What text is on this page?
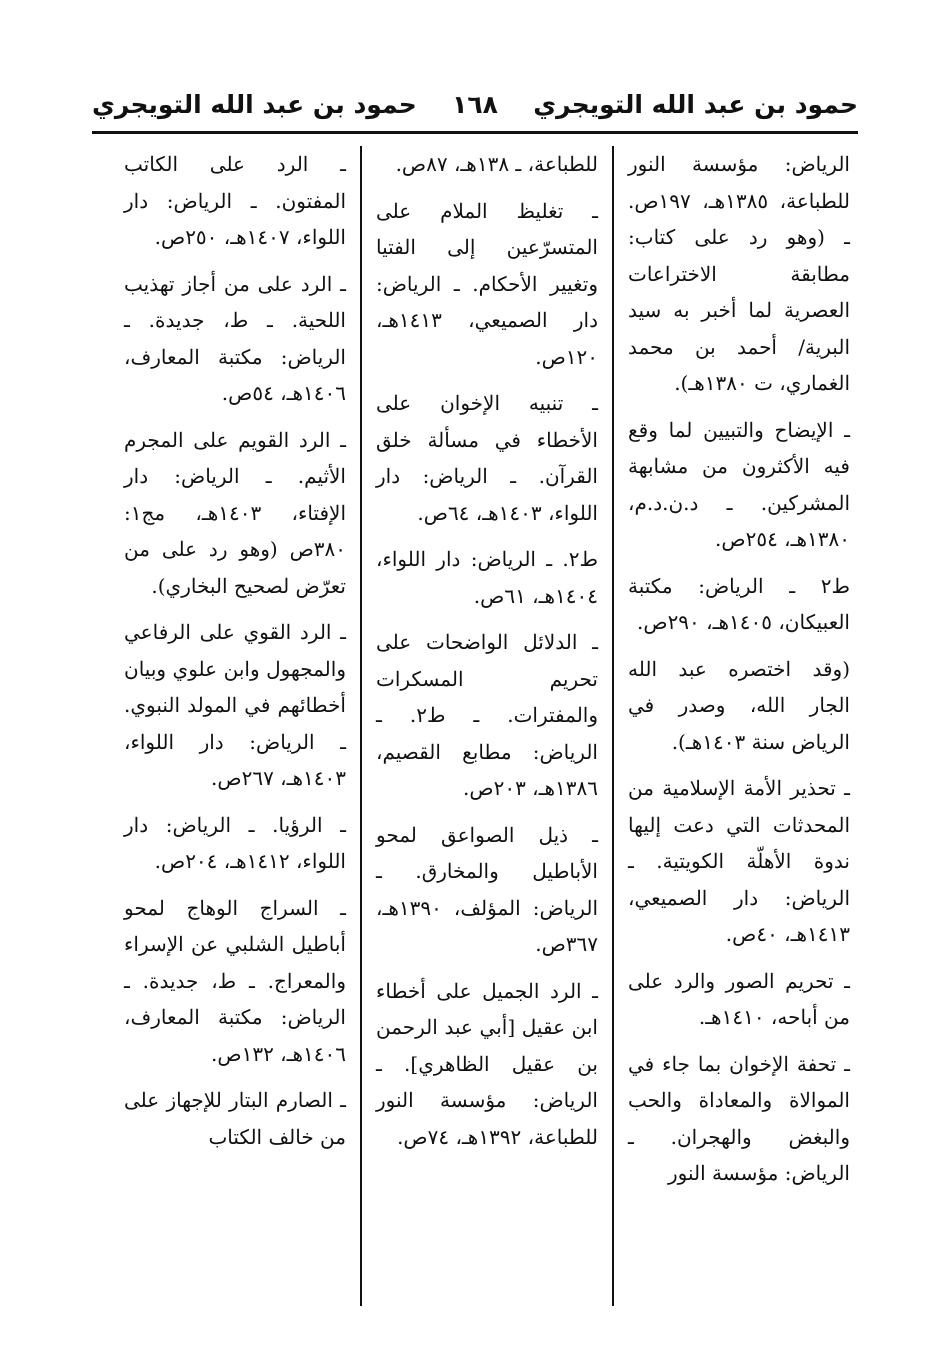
حمود بن عبد الله التويجري
١٦٨
حمود بن عبد الله التويجري

الرياض: مؤسسة النور للطباعة، ١٣٨٥هـ، ١٩٧ص. ـ (وهو رد على كتاب: مطابقة الاختراعات العصرية لما أخبر به سيد البرية/ أحمد بن محمد الغماري، ت ١٣٨٠هـ).

ـ الإيضاح والتبيين لما وقع فيه الأكثرون من مشابهة المشركين. ـ د.ن.د.م، ١٣٨٠هـ، ٢٥٤ص.

ط٢ ـ الرياض: مكتبة العبيكان، ١٤٠٥هـ، ٢٩٠ص.

(وقد اختصره عبد الله الجار الله، وصدر في الرياض سنة ١٤٠٣هـ).

ـ تحذير الأمة الإسلامية من المحدثات التي دعت إليها ندوة الأهلّة الكويتية. ـ الرياض: دار الصميعي، ١٤١٣هـ، ٤٠ص.

ـ تحريم الصور والرد على من أباحه، ١٤١٠هـ.

ـ تحفة الإخوان بما جاء في الموالاة والمعاداة والحب والبغض والهجران. ـ الرياض: مؤسسة النور

للطباعة، ـ ١٣٨هـ، ٨٧ص.

ـ تغليظ الملام على المتسرّعين إلى الفتيا وتغيير الأحكام. ـ الرياض: دار الصميعي، ١٤١٣هـ، ١٢٠ص.

ـ تنبيه الإخوان على الأخطاء في مسألة خلق القرآن. ـ الرياض: دار اللواء، ١٤٠٣هـ، ٦٤ص.

ط٢. ـ الرياض: دار اللواء، ١٤٠٤هـ، ٦١ص.

ـ الدلائل الواضحات على تحريم المسكرات والمفترات. ـ ط٢. ـ الرياض: مطابع القصيم، ١٣٨٦هـ، ٢٠٣ص.

ـ ذيل الصواعق لمحو الأباطيل والمخارق. ـ الرياض: المؤلف، ١٣٩٠هـ، ٣٦٧ص.

ـ الرد الجميل على أخطاء ابن عقيل [أبي عبد الرحمن بن عقيل الظاهري]. ـ الرياض: مؤسسة النور للطباعة، ١٣٩٢هـ، ٧٤ص.

ـ الرد على الكاتب المفتون. ـ الرياض: دار اللواء، ١٤٠٧هـ، ٢٥٠ص.

ـ الرد على من أجاز تهذيب اللحية. ـ ط، جديدة. ـ الرياض: مكتبة المعارف، ١٤٠٦هـ، ٥٤ص.

ـ الرد القويم على المجرم الأثيم. ـ الرياض: دار الإفتاء، ١٤٠٣هـ، مج١: ٣٨٠ص (وهو رد على من تعرّض لصحيح البخاري).

ـ الرد القوي على الرفاعي والمجهول وابن علوي وبيان أخطائهم في المولد النبوي. ـ الرياض: دار اللواء، ١٤٠٣هـ، ٢٦٧ص.

ـ الرؤيا. ـ الرياض: دار اللواء، ١٤١٢هـ، ٢٠٤ص.

ـ السراج الوهاج لمحو أباطيل الشلبي عن الإسراء والمعراج. ـ ط، جديدة. ـ الرياض: مكتبة المعارف، ١٤٠٦هـ، ١٣٢ص.

ـ الصارم البتار للإجهاز على من خالف الكتاب
